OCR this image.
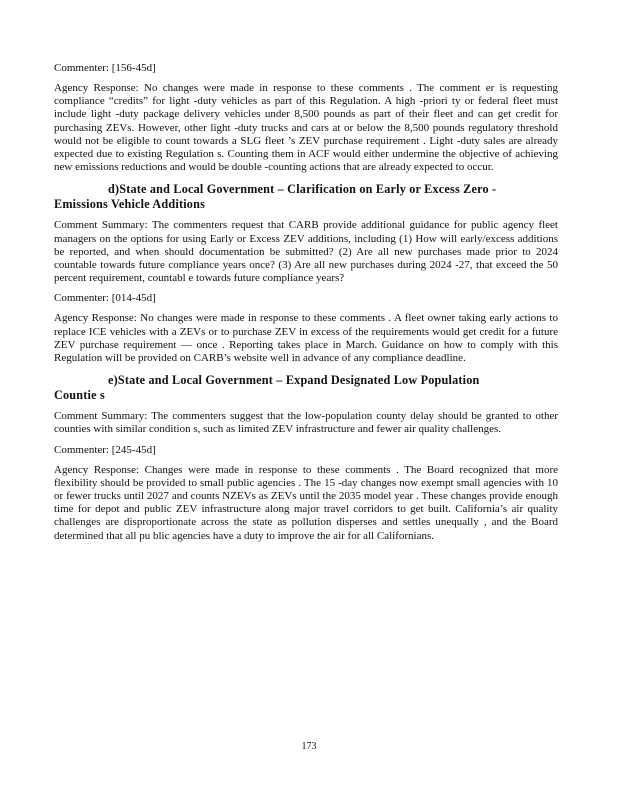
Commenter: [156-45d]

Agency Response: No changes were made in response to these comments . The comment er is requesting compliance “credits” for light -duty vehicles as part of this Regulation. A high -priori ty or federal fleet must include light -duty package delivery vehicles under 8,500 pounds as part of their fleet and can get credit for purchasing ZEVs. However, other light -duty trucks and cars at or below the 8,500 pounds regulatory threshold would not be eligible to count towards a SLG fleet ’s ZEV purchase requirement . Light -duty sales are already expected due to existing Regulation s. Counting them in ACF would either undermine the objective of achieving new emissions reductions and would be double -counting actions that are already expected to occur.

d)State and Local Government – Clarification on Early or Excess Zero -
Emissions Vehicle Additions

Comment Summary: The commenters request that CARB provide additional guidance for public agency fleet managers on the options for using Early or Excess ZEV additions, including (1) How will early/excess additions be reported, and when should documentation be submitted? (2) Are all new purchases made prior to 2024 countable towards future compliance years once? (3) Are all new purchases during 2024 -27, that exceed the 50 percent requirement, countabl e towards future compliance years?

Commenter: [014-45d]

Agency Response: No changes were made in response to these comments . A fleet owner taking early actions to replace ICE vehicles with a ZEVs or to purchase ZEV in excess of the requirements would get credit for a future ZEV purchase requirement — once . Reporting takes place in March. Guidance on how to comply with this Regulation will be provided on CARB’s website well in advance of any compliance deadline.

e)State and Local Government – Expand Designated Low Population
Countie s

Comment Summary: The commenters suggest that the low-population county delay should be granted to other counties with similar condition s, such as limited ZEV infrastructure and fewer air quality challenges.

Commenter: [245-45d]

Agency Response: Changes were made in response to these comments . The Board recognized that more flexibility should be provided to small public agencies . The 15 -day changes now exempt small agencies with 10 or fewer trucks until 2027 and counts NZEVs as ZEVs until the 2035 model year . These changes provide enough time for depot and public ZEV infrastructure along major travel corridors to get built. California’s air quality challenges are disproportionate across the state as pollution disperses and settles unequally , and the Board determined that all pu blic agencies have a duty to improve the air for all Californians.

173
